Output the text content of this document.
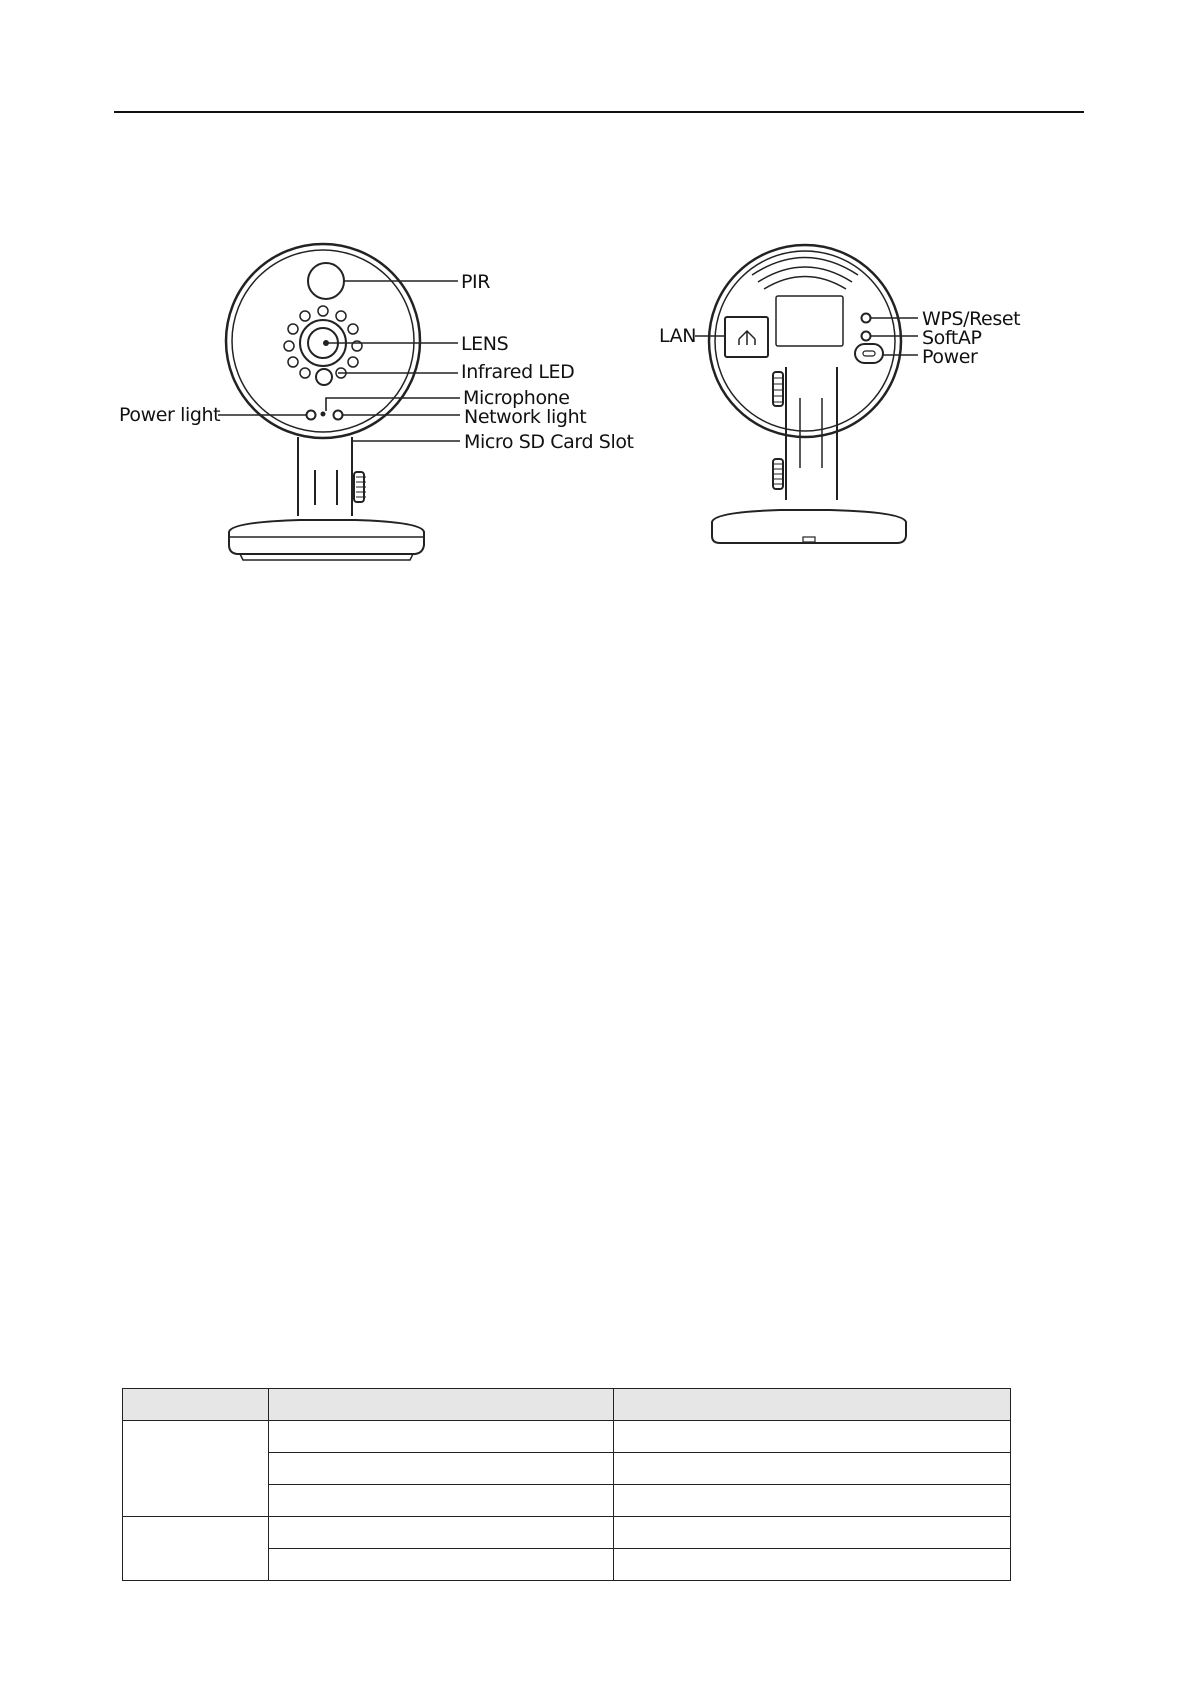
PIR
LENS
Infrared LED
Microphone
Power light	Network light
Micro SD Card Slot
LAN
WPS/Reset
SoftAP
Power
